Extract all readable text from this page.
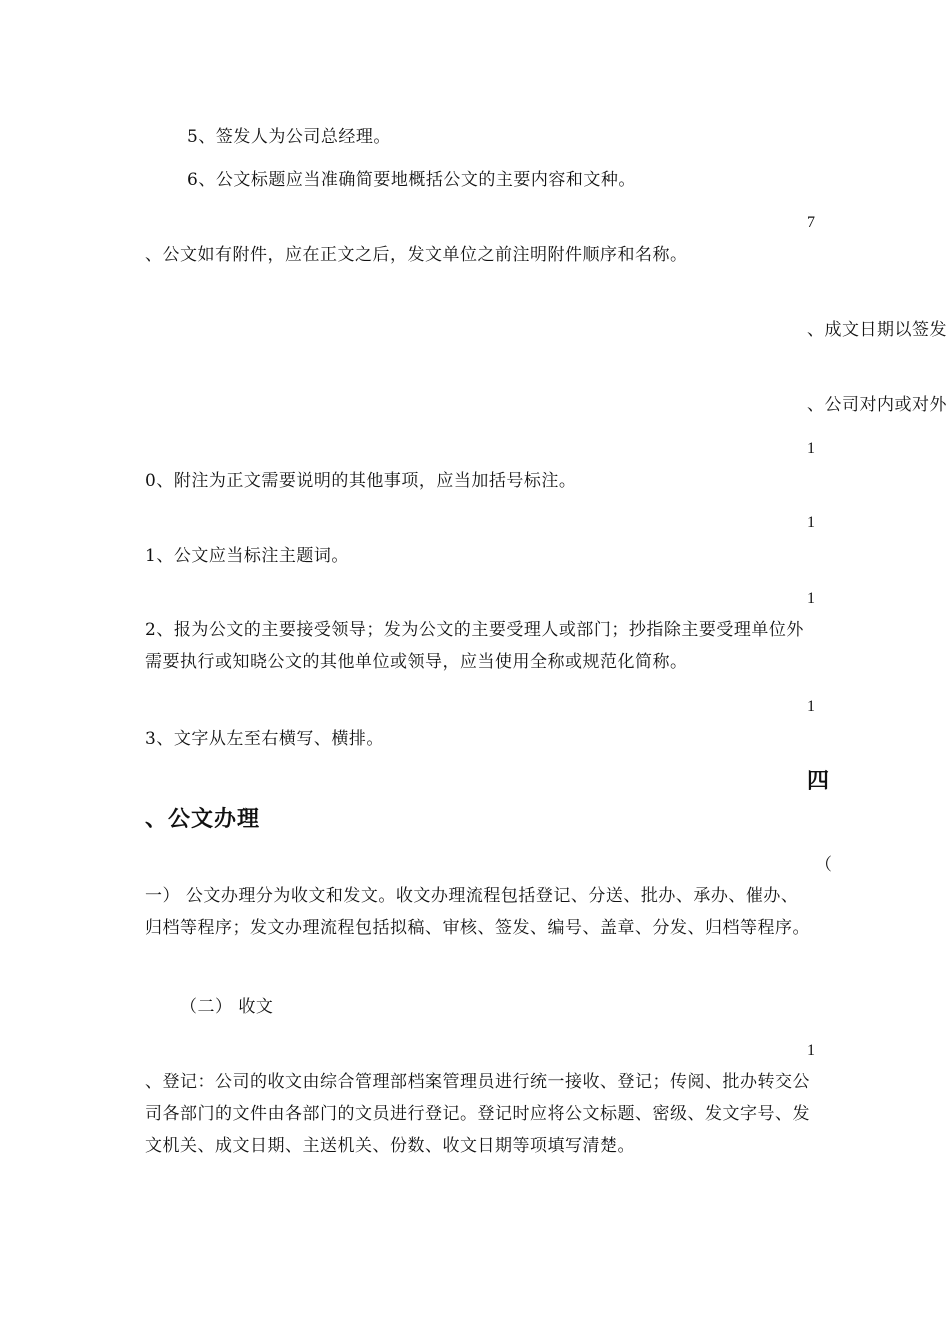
5、签发人为公司总经理。
6、公文标题应当准确简要地概括公文的主要内容和文种。
7
、公文如有附件，应在正文之后，发文单位之前注明附件顺序和名称。
、成文日期以签发
、公司对内或对外
1
0、附注为正文需要说明的其他事项，应当加括号标注。
1
1、公文应当标注主题词。
1
2、报为公文的主要接受领导；发为公文的主要受理人或部门；抄指除主要受理单位外需要执行或知晓公文的其他单位或领导，应当使用全称或规范化简称。
1
3、文字从左至右横写、横排。
四
、公文办理
（
一） 公文办理分为收文和发文。收文办理流程包括登记、分送、批办、承办、催办、归档等程序；发文办理流程包括拟稿、审核、签发、编号、盖章、分发、归档等程序。
（二） 收文
1
、登记：公司的收文由综合管理部档案管理员进行统一接收、登记；传阅、批办转交公司各部门的文件由各部门的文员进行登记。登记时应将公文标题、密级、发文字号、发文机关、成文日期、主送机关、份数、收文日期等项填写清楚。
